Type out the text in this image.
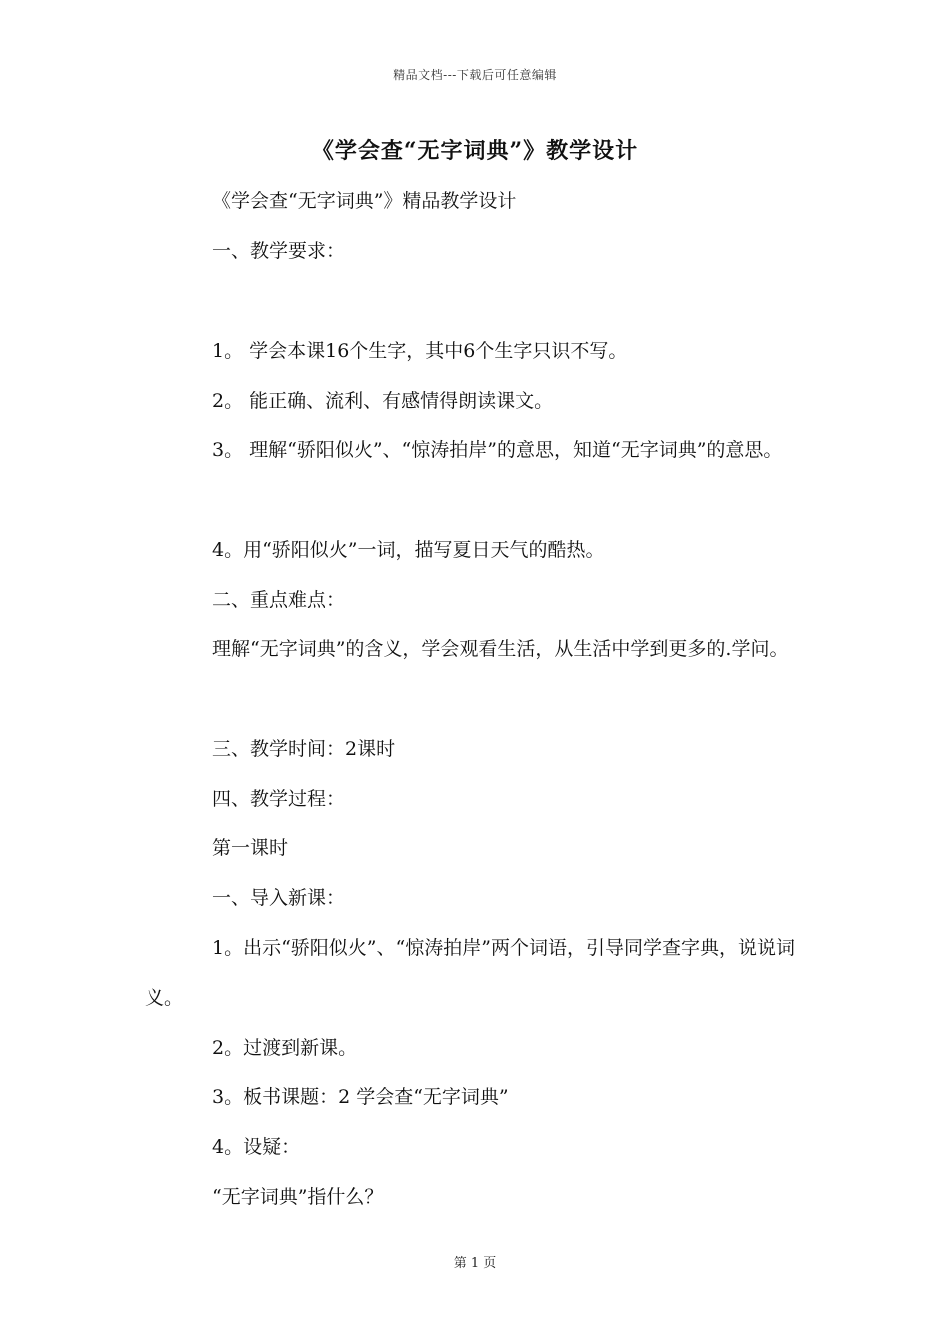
精品文档---下载后可任意编辑
《学会查“无字词典”》教学设计
《学会查“无字词典”》精品教学设计
一、教学要求：
1。 学会本课16个生字，其中6个生字只识不写。
2。 能正确、流利、有感情得朗读课文。
3。 理解“骄阳似火”、“惊涛拍岸”的意思，知道“无字词典”的意思。
4。用“骄阳似火”一词，描写夏日天气的酷热。
二、重点难点：
理解“无字词典”的含义，学会观看生活，从生活中学到更多的.学问。
三、教学时间：2课时
四、教学过程：
第一课时
一、导入新课：
1。出示“骄阳似火”、“惊涛拍岸”两个词语，引导同学查字典，说说词义。
2。过渡到新课。
3。板书课题：2 学会查“无字词典”
4。设疑：
“无字词典”指什么？
第 1 页
